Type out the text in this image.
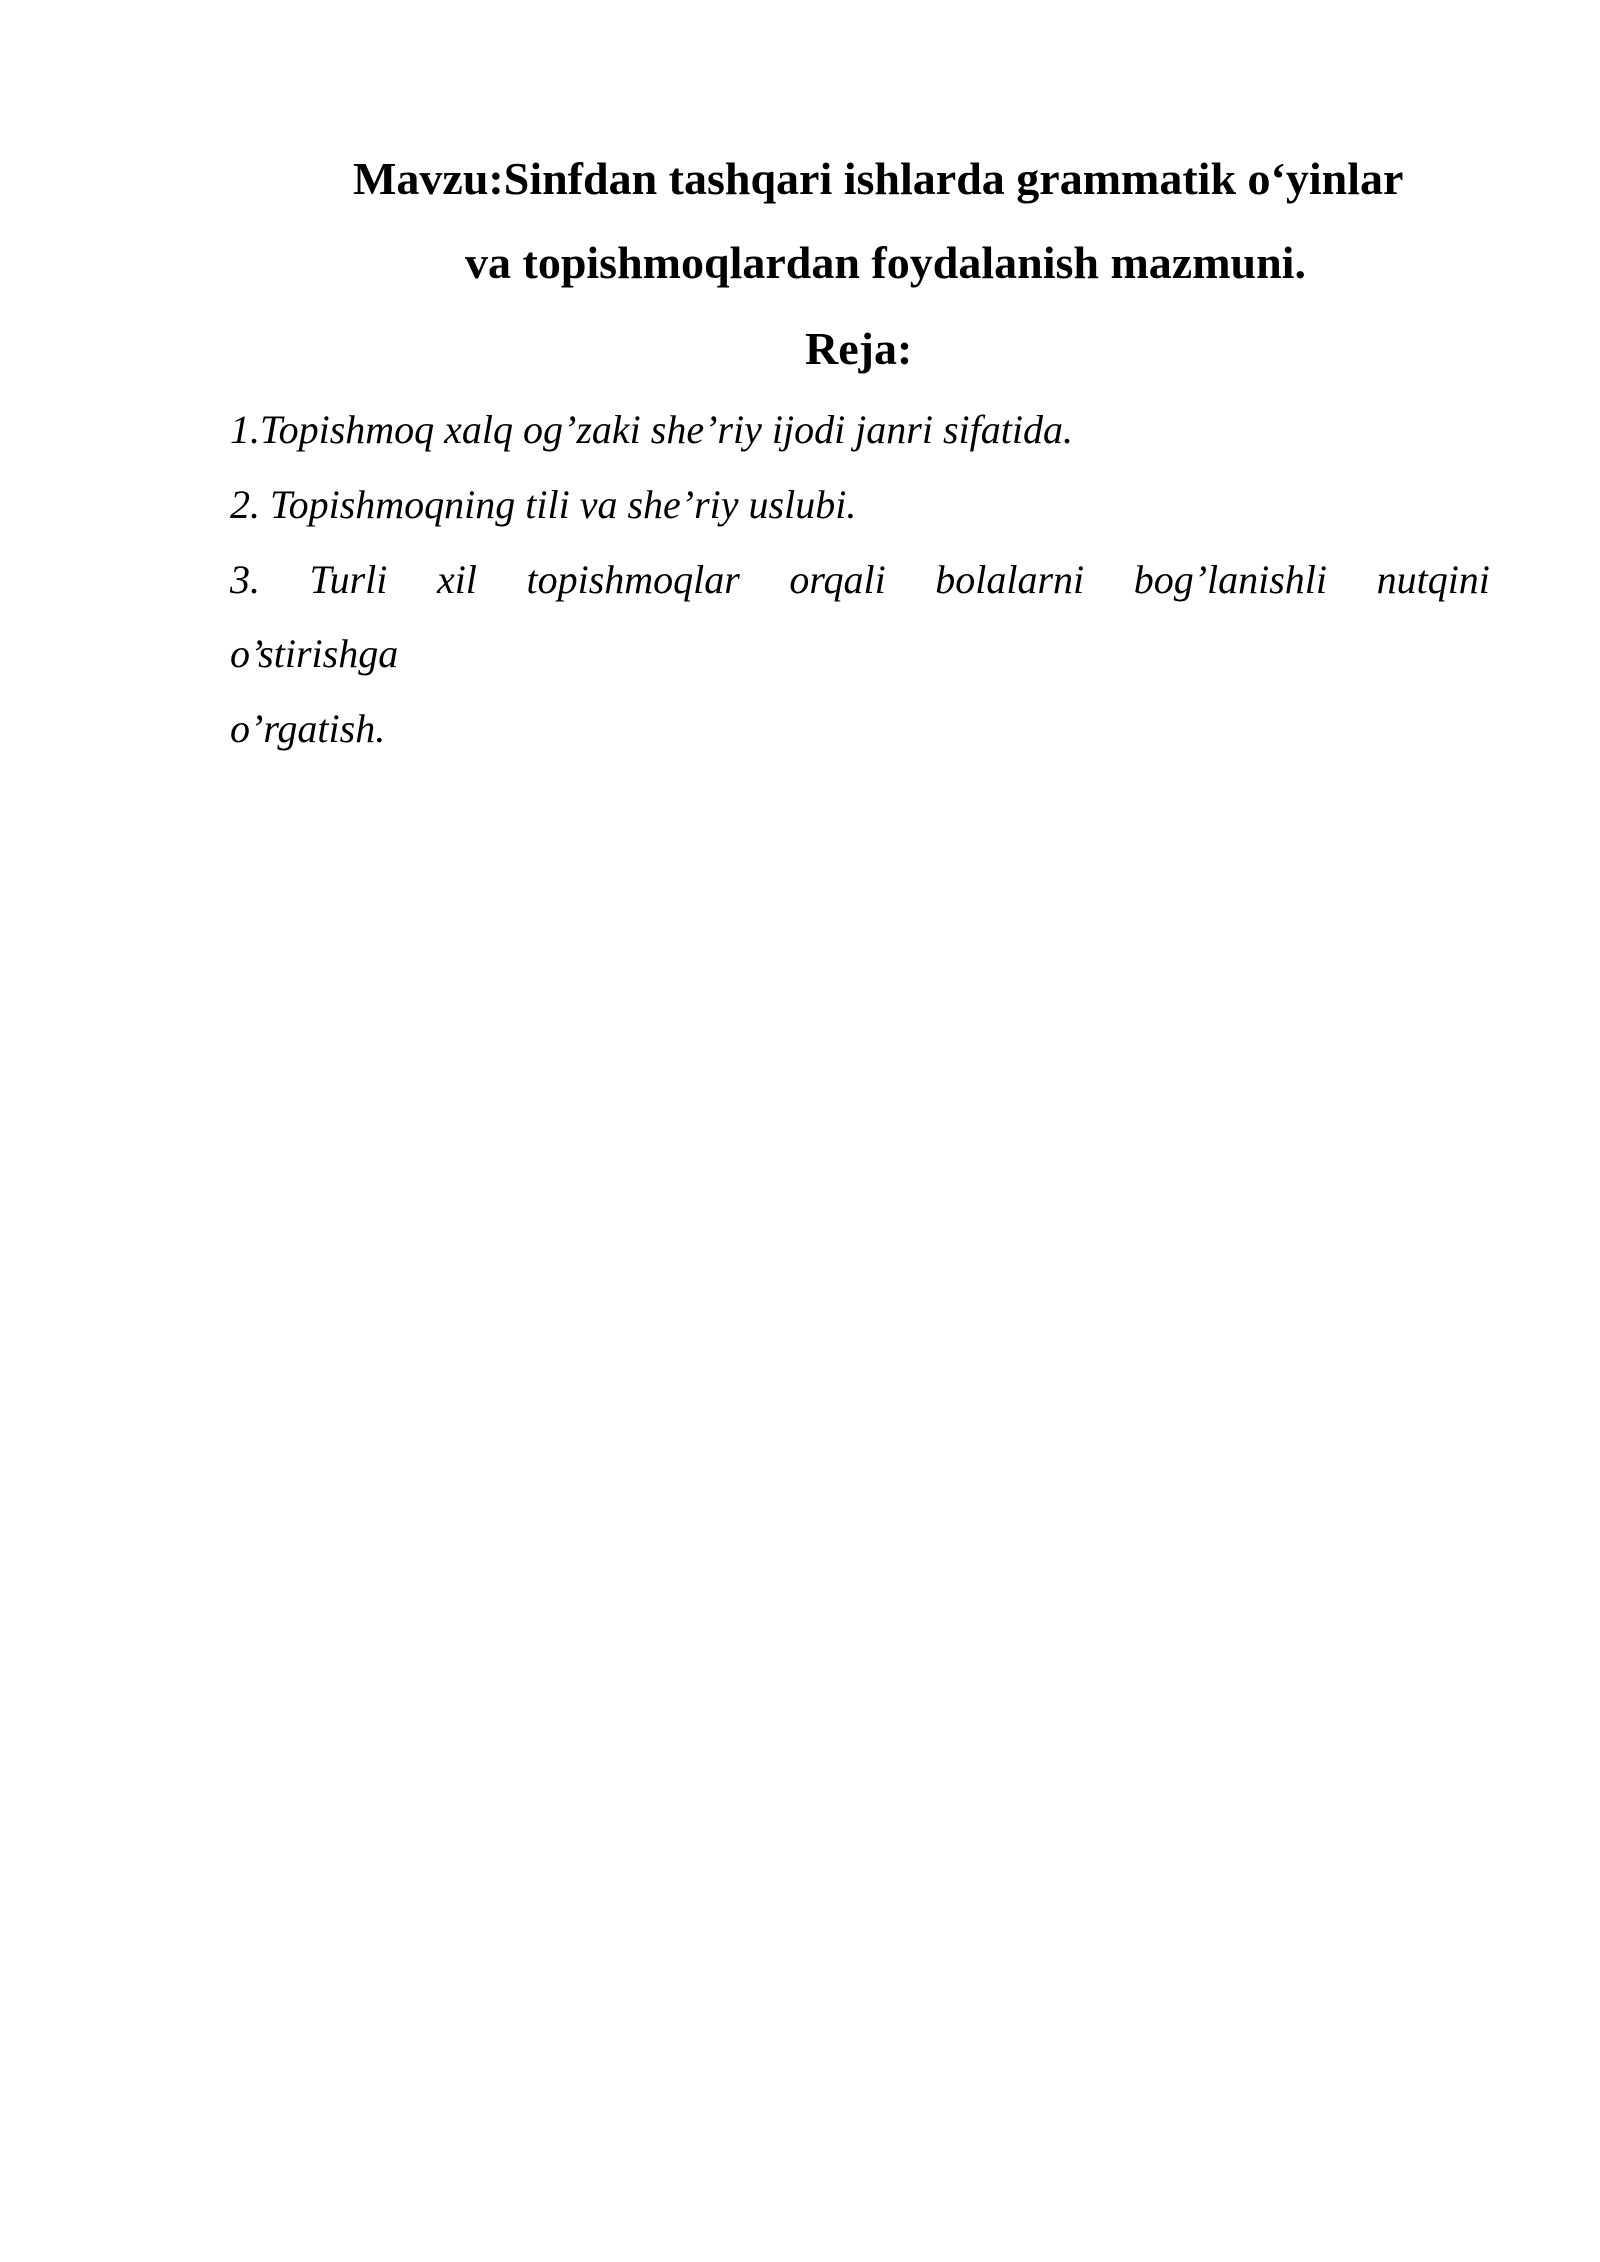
Mavzu:Sinfdan tashqari ishlarda grammatik o‘yinlar
va topishmoqlardan foydalanish mazmuni.
Reja:
1.Topishmoq xalq og’zaki she’riy ijodi janri sifatida.
2. Topishmoqning tili va she’riy uslubi.
3. Turli xil topishmoqlar orqali bolalarni bog’lanishli nutqini
o’stirishga
o’rgatish.
